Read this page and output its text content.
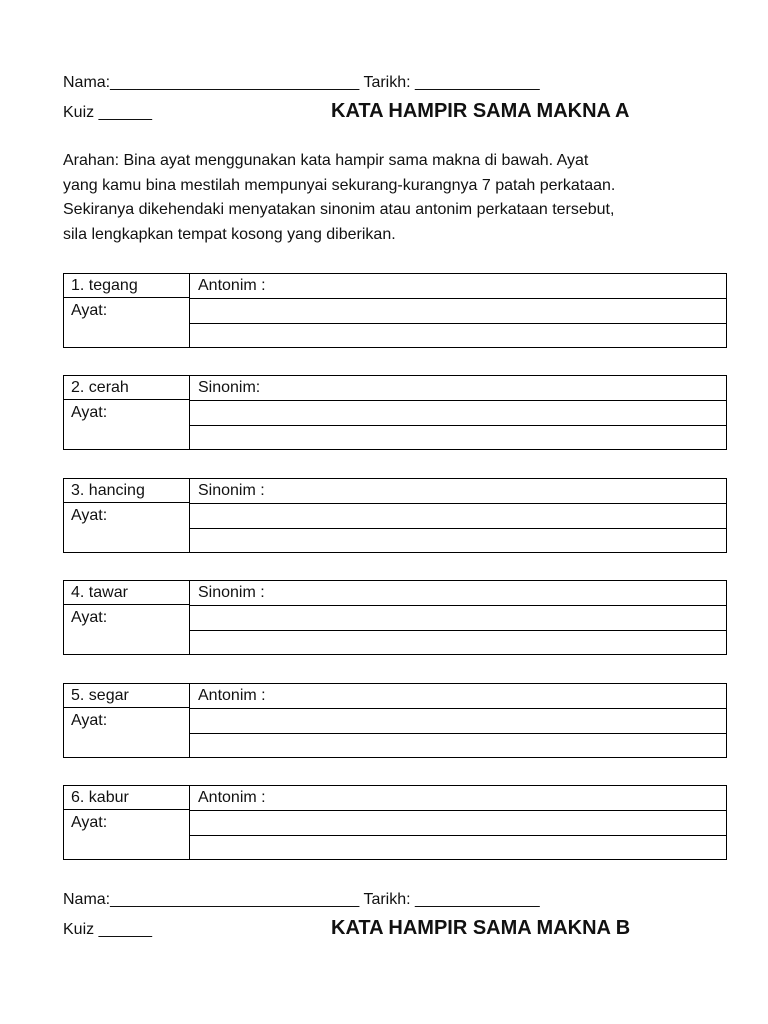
Nama:____________________________ Tarikh: ______________
Kuiz ______	KATA HAMPIR SAMA MAKNA A
Arahan: Bina ayat menggunakan kata hampir sama makna di bawah. Ayat
yang kamu bina mestilah mempunyai sekurang-kurangnya 7 patah perkataan.
Sekiranya dikehendaki menyatakan sinonim atau antonim perkataan tersebut,
sila lengkapkan tempat kosong yang diberikan.
1. tegang
Ayat:
Antonim :
2. cerah
Ayat:
Sinonim:
3. hancing
Ayat:
Sinonim :
4. tawar
Ayat:
Sinonim :
5. segar
Ayat:
Antonim :
6. kabur
Ayat:
Antonim :
Nama:____________________________ Tarikh: ______________
Kuiz ______	KATA HAMPIR SAMA MAKNA B
